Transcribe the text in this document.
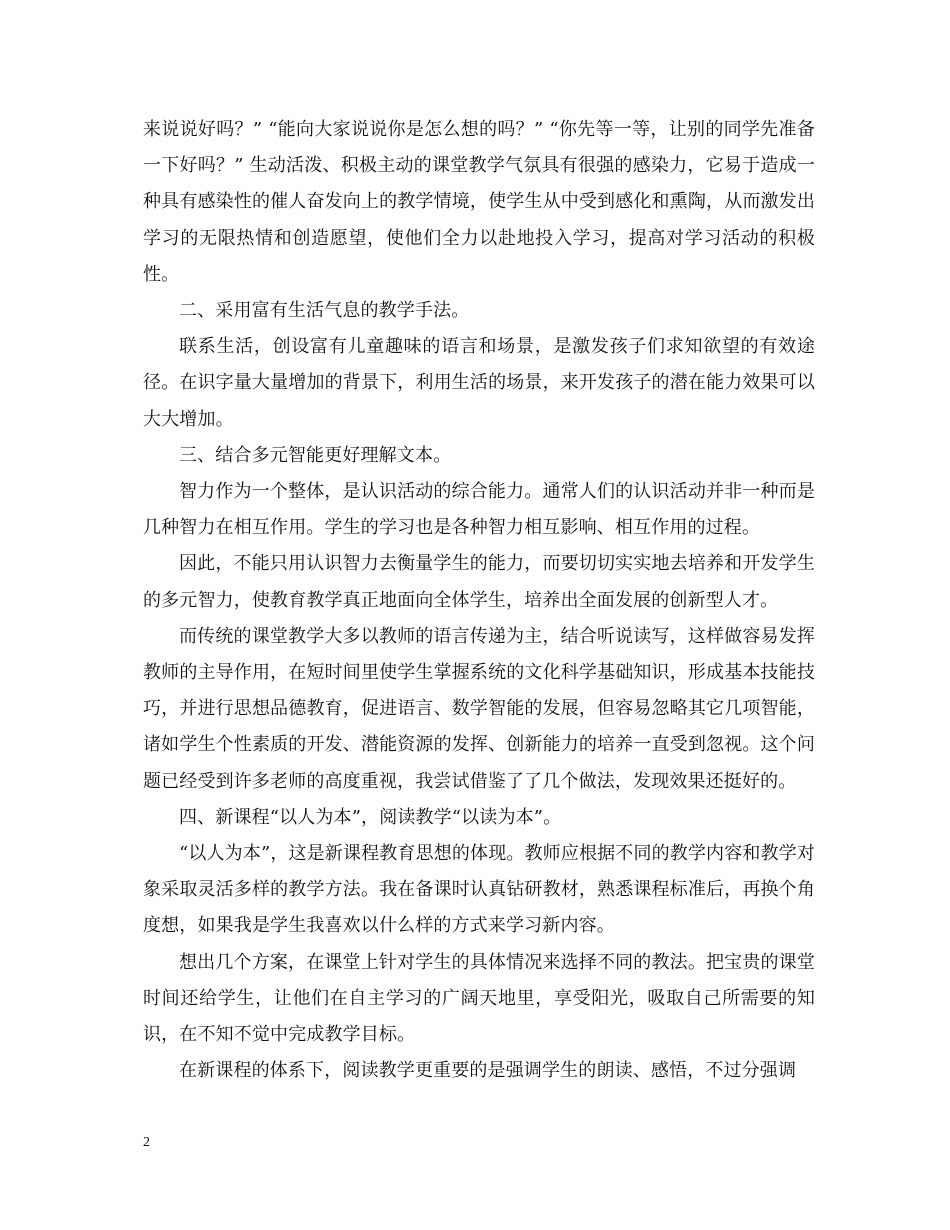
来说说好吗？” “能向大家说说你是怎么想的吗？” “你先等一等，让别的同学先准备一下好吗？” 生动活泼、积极主动的课堂教学气氛具有很强的感染力，它易于造成一种具有感染性的催人奋发向上的教学情境，使学生从中受到感化和熏陶，从而激发出学习的无限热情和创造愿望，使他们全力以赴地投入学习，提高对学习活动的积极性。

二、采用富有生活气息的教学手法。

联系生活，创设富有儿童趣味的语言和场景，是激发孩子们求知欲望的有效途径。在识字量大量增加的背景下，利用生活的场景，来开发孩子的潜在能力效果可以大大增加。

三、结合多元智能更好理解文本。

智力作为一个整体，是认识活动的综合能力。通常人们的认识活动并非一种而是几种智力在相互作用。学生的学习也是各种智力相互影响、相互作用的过程。

因此，不能只用认识智力去衡量学生的能力，而要切切实实地去培养和开发学生的多元智力，使教育教学真正地面向全体学生，培养出全面发展的创新型人才。

而传统的课堂教学大多以教师的语言传递为主，结合听说读写，这样做容易发挥教师的主导作用，在短时间里使学生掌握系统的文化科学基础知识，形成基本技能技巧，并进行思想品德教育，促进语言、数学智能的发展，但容易忽略其它几项智能，诸如学生个性素质的开发、潜能资源的发挥、创新能力的培养一直受到忽视。这个问题已经受到许多老师的高度重视，我尝试借鉴了了几个做法，发现效果还挺好的。

四、新课程“以人为本”，阅读教学“以读为本”。

“以人为本”，这是新课程教育思想的体现。教师应根据不同的教学内容和教学对象采取灵活多样的教学方法。我在备课时认真钻研教材，熟悉课程标准后，再换个角度想，如果我是学生我喜欢以什么样的方式来学习新内容。

想出几个方案，在课堂上针对学生的具体情况来选择不同的教法。把宝贵的课堂时间还给学生，让他们在自主学习的广阔天地里，享受阳光，吸取自己所需要的知识，在不知不觉中完成教学目标。

在新课程的体系下，阅读教学更重要的是强调学生的朗读、感悟，不过分强调

2
